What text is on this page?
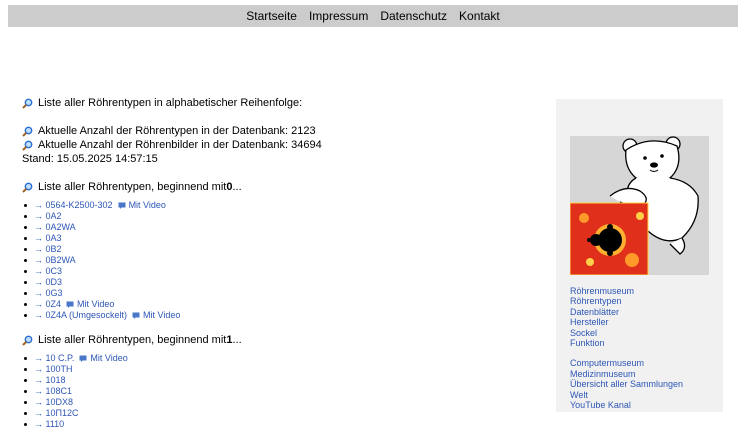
Startseite Impressum Datenschutz Kontakt
Liste aller Röhrentypen in alphabetischer Reihenfolge:
Aktuelle Anzahl der Röhrentypen in der Datenbank: 2123
Aktuelle Anzahl der Röhrenbilder in der Datenbank: 34694
Stand: 15.05.2025 14:57:15
Liste aller Röhrentypen, beginnend mit 0 ...
→ 0564-K2500-302 Mit Video
→ 0A2
→ 0A2WA
→ 0A3
→ 0B2
→ 0B2WA
→ 0C3
→ 0D3
→ 0G3
→ 0Z4 Mit Video
→ 0Z4A (Umgesockelt) Mit Video
Liste aller Röhrentypen, beginnend mit 1 ...
→ 10 C.P. Mit Video
→ 100TH
→ 1018
→ 108C1
→ 10DX8
→ 10П12С
→ 1110
Röhrenmuseum
Röhrentypen
Datenblätter
Hersteller
Sockel
Funktion
Computermuseum
Medizinmuseum
Übersicht aller Sammlungen
Welt
YouTube Kanal
